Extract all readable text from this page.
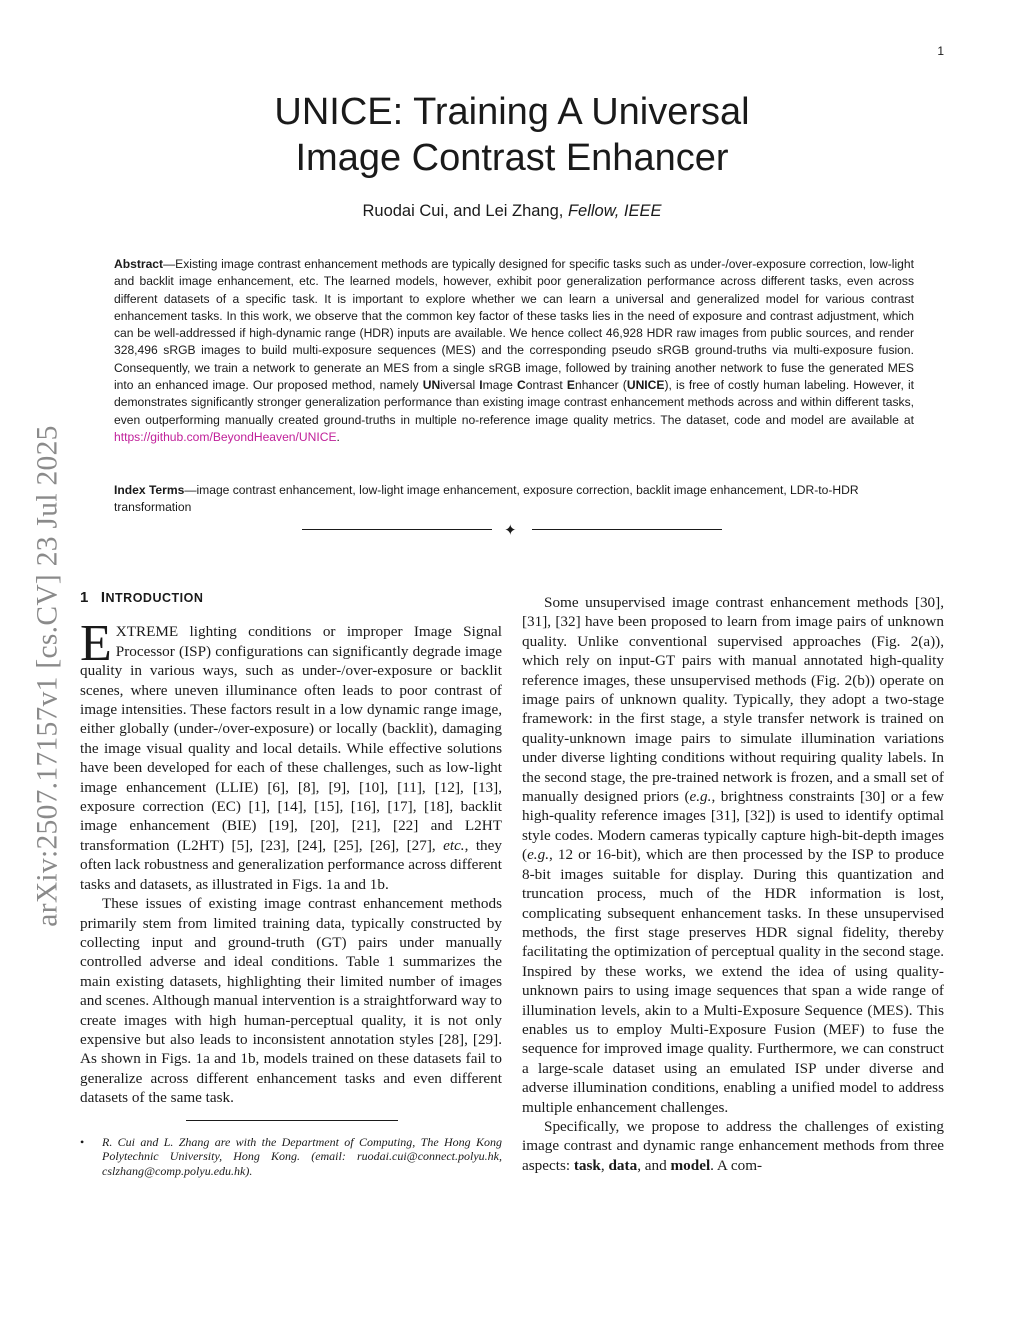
1
arXiv:2507.17157v1 [cs.CV] 23 Jul 2025
UNICE: Training A Universal
Image Contrast Enhancer
Ruodai Cui, and Lei Zhang, Fellow, IEEE
Abstract—Existing image contrast enhancement methods are typically designed for specific tasks such as under-/over-exposure correction, low-light and backlit image enhancement, etc. The learned models, however, exhibit poor generalization performance across different tasks, even across different datasets of a specific task. It is important to explore whether we can learn a universal and generalized model for various contrast enhancement tasks. In this work, we observe that the common key factor of these tasks lies in the need of exposure and contrast adjustment, which can be well-addressed if high-dynamic range (HDR) inputs are available. We hence collect 46,928 HDR raw images from public sources, and render 328,496 sRGB images to build multi-exposure sequences (MES) and the corresponding pseudo sRGB ground-truths via multi-exposure fusion. Consequently, we train a network to generate an MES from a single sRGB image, followed by training another network to fuse the generated MES into an enhanced image. Our proposed method, namely UNiversal Image Contrast Enhancer (UNICE), is free of costly human labeling. However, it demonstrates significantly stronger generalization performance than existing image contrast enhancement methods across and within different tasks, even outperforming manually created ground-truths in multiple no-reference image quality metrics. The dataset, code and model are available at https://github.com/BeyondHeaven/UNICE.
Index Terms—image contrast enhancement, low-light image enhancement, exposure correction, backlit image enhancement, LDR-to-HDR transformation
✦
1 INTRODUCTION

EXTREME lighting conditions or improper Image Signal Processor (ISP) configurations can significantly degrade image quality in various ways, such as under-/over-exposure or backlit scenes, where uneven illuminance often leads to poor contrast of image intensities. These factors result in a low dynamic range image, either globally (under-/over-exposure) or locally (backlit), damaging the image visual quality and local details. While effective solutions have been developed for each of these challenges, such as low-light image enhancement (LLIE) [6], [8], [9], [10], [11], [12], [13], exposure correction (EC) [1], [14], [15], [16], [17], [18], backlit image enhancement (BIE) [19], [20], [21], [22] and L2HT transformation (L2HT) [5], [23], [24], [25], [26], [27], etc., they often lack robustness and generalization performance across different tasks and datasets, as illustrated in Figs. 1a and 1b.

These issues of existing image contrast enhancement methods primarily stem from limited training data, typically constructed by collecting input and ground-truth (GT) pairs under manually controlled adverse and ideal conditions. Table 1 summarizes the main existing datasets, highlighting their limited number of images and scenes. Although manual intervention is a straightforward way to create images with high human-perceptual quality, it is not only expensive but also leads to inconsistent annotation styles [28], [29]. As shown in Figs. 1a and 1b, models trained on these datasets fail to generalize across different enhancement tasks and even different datasets of the same task.

• R. Cui and L. Zhang are with the Department of Computing, The Hong Kong Polytechnic University, Hong Kong. (email: ruodai.cui@connect.polyu.hk, cslzhang@comp.polyu.edu.hk).

Some unsupervised image contrast enhancement methods [30], [31], [32] have been proposed to learn from image pairs of unknown quality. Unlike conventional supervised approaches (Fig. 2(a)), which rely on input-GT pairs with manual annotated high-quality reference images, these unsupervised methods (Fig. 2(b)) operate on image pairs of unknown quality. Typically, they adopt a two-stage framework: in the first stage, a style transfer network is trained on quality-unknown image pairs to simulate illumination variations under diverse lighting conditions without requiring quality labels. In the second stage, the pre-trained network is frozen, and a small set of manually designed priors (e.g., brightness constraints [30] or a few high-quality reference images [31], [32]) is used to identify optimal style codes. Modern cameras typically capture high-bit-depth images (e.g., 12 or 16-bit), which are then processed by the ISP to produce 8-bit images suitable for display. During this quantization and truncation process, much of the HDR information is lost, complicating subsequent enhancement tasks. In these unsupervised methods, the first stage preserves HDR signal fidelity, thereby facilitating the optimization of perceptual quality in the second stage. Inspired by these works, we extend the idea of using quality-unknown pairs to using image sequences that span a wide range of illumination levels, akin to a Multi-Exposure Sequence (MES). This enables us to employ Multi-Exposure Fusion (MEF) to fuse the sequence for improved image quality. Furthermore, we can construct a large-scale dataset using an emulated ISP under diverse and adverse illumination conditions, enabling a unified model to address multiple enhancement challenges.

Specifically, we propose to address the challenges of existing image contrast and dynamic range enhancement methods from three aspects: task, data, and model. A com-
